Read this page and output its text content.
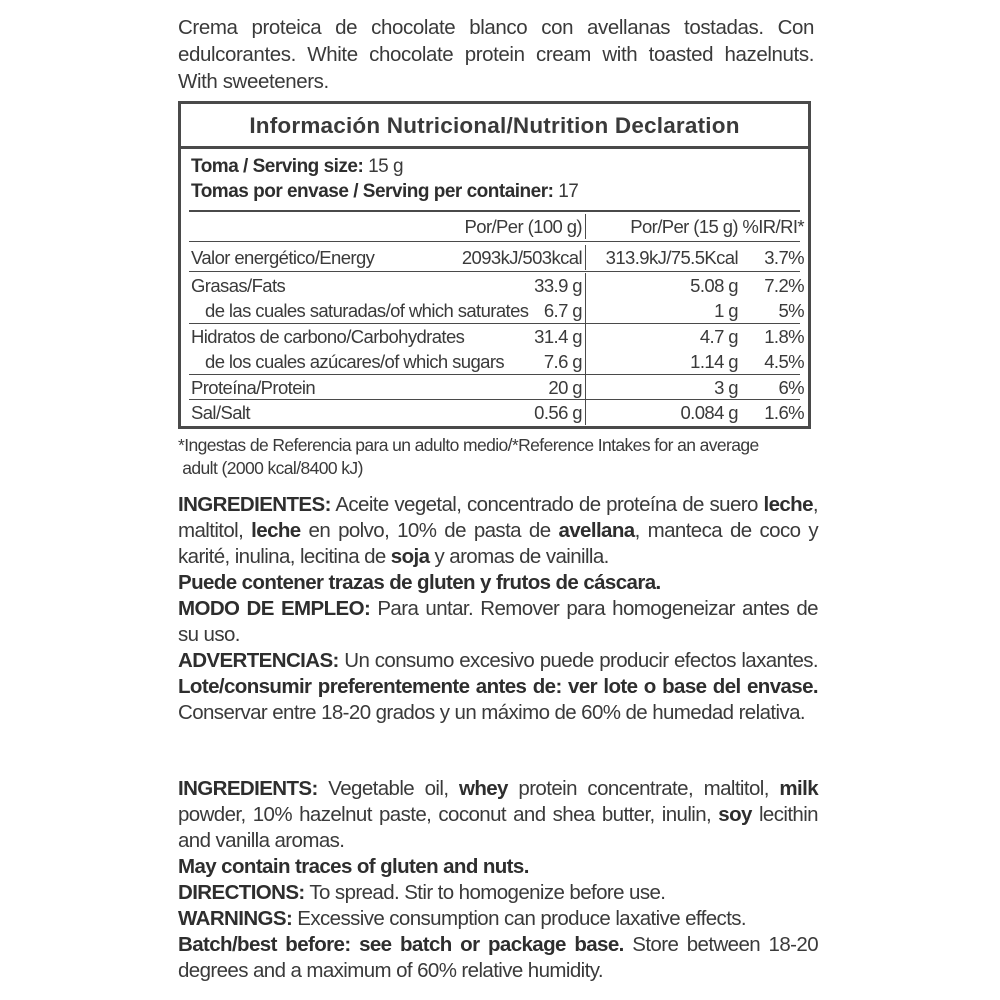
Crema proteica de chocolate blanco con avellanas tostadas. Con edulcorantes. White chocolate protein cream with toasted hazelnuts. With sweeteners.
Información Nutricional/Nutrition Declaration
Toma / Serving size: 15 g
Tomas por envase / Serving per container: 17
Por/Per (100 g)	Por/Per (15 g) %IR/RI*
Valor energético/Energy	2093kJ/503kcal 313.9kJ/75.5Kcal 3.7%
Grasas/Fats	33.9 g	5.08 g 7.2%
de las cuales saturadas/of which saturates 6.7 g	1 g 5%
Hidratos de carbono/Carbohydrates	31.4 g	4.7 g 1.8%
de los cuales azúcares/of which sugars 7.6 g	1.14 g 4.5%
Proteína/Protein	20 g	3 g 6%
Sal/Salt	0.56 g	0.084 g 1.6%
*Ingestas de Referencia para un adulto medio/*Reference Intakes for an average
adult (2000 kcal/8400 kJ)

INGREDIENTES: Aceite vegetal, concentrado de proteína de suero leche, maltitol, leche en polvo, 10% de pasta de avellana, manteca de coco y karité, inulina, lecitina de soja y aromas de vainilla.

Puede contener trazas de gluten y frutos de cáscara.

MODO DE EMPLEO: Para untar. Remover para homogeneizar antes de su uso.

ADVERTENCIAS: Un consumo excesivo puede producir efectos laxantes. Lote/consumir preferentemente antes de: ver lote o base del envase. Conservar entre 18-20 grados y un máximo de 60% de humedad relativa.

INGREDIENTS: Vegetable oil, whey protein concentrate, maltitol, milk powder, 10% hazelnut paste, coconut and shea butter, inulin, soy lecithin and vanilla aromas.

May contain traces of gluten and nuts.

DIRECTIONS: To spread. Stir to homogenize before use.

WARNINGS: Excessive consumption can produce laxative effects.

Batch/best before: see batch or package base. Store between 18-20 degrees and a maximum of 60% relative humidity.
